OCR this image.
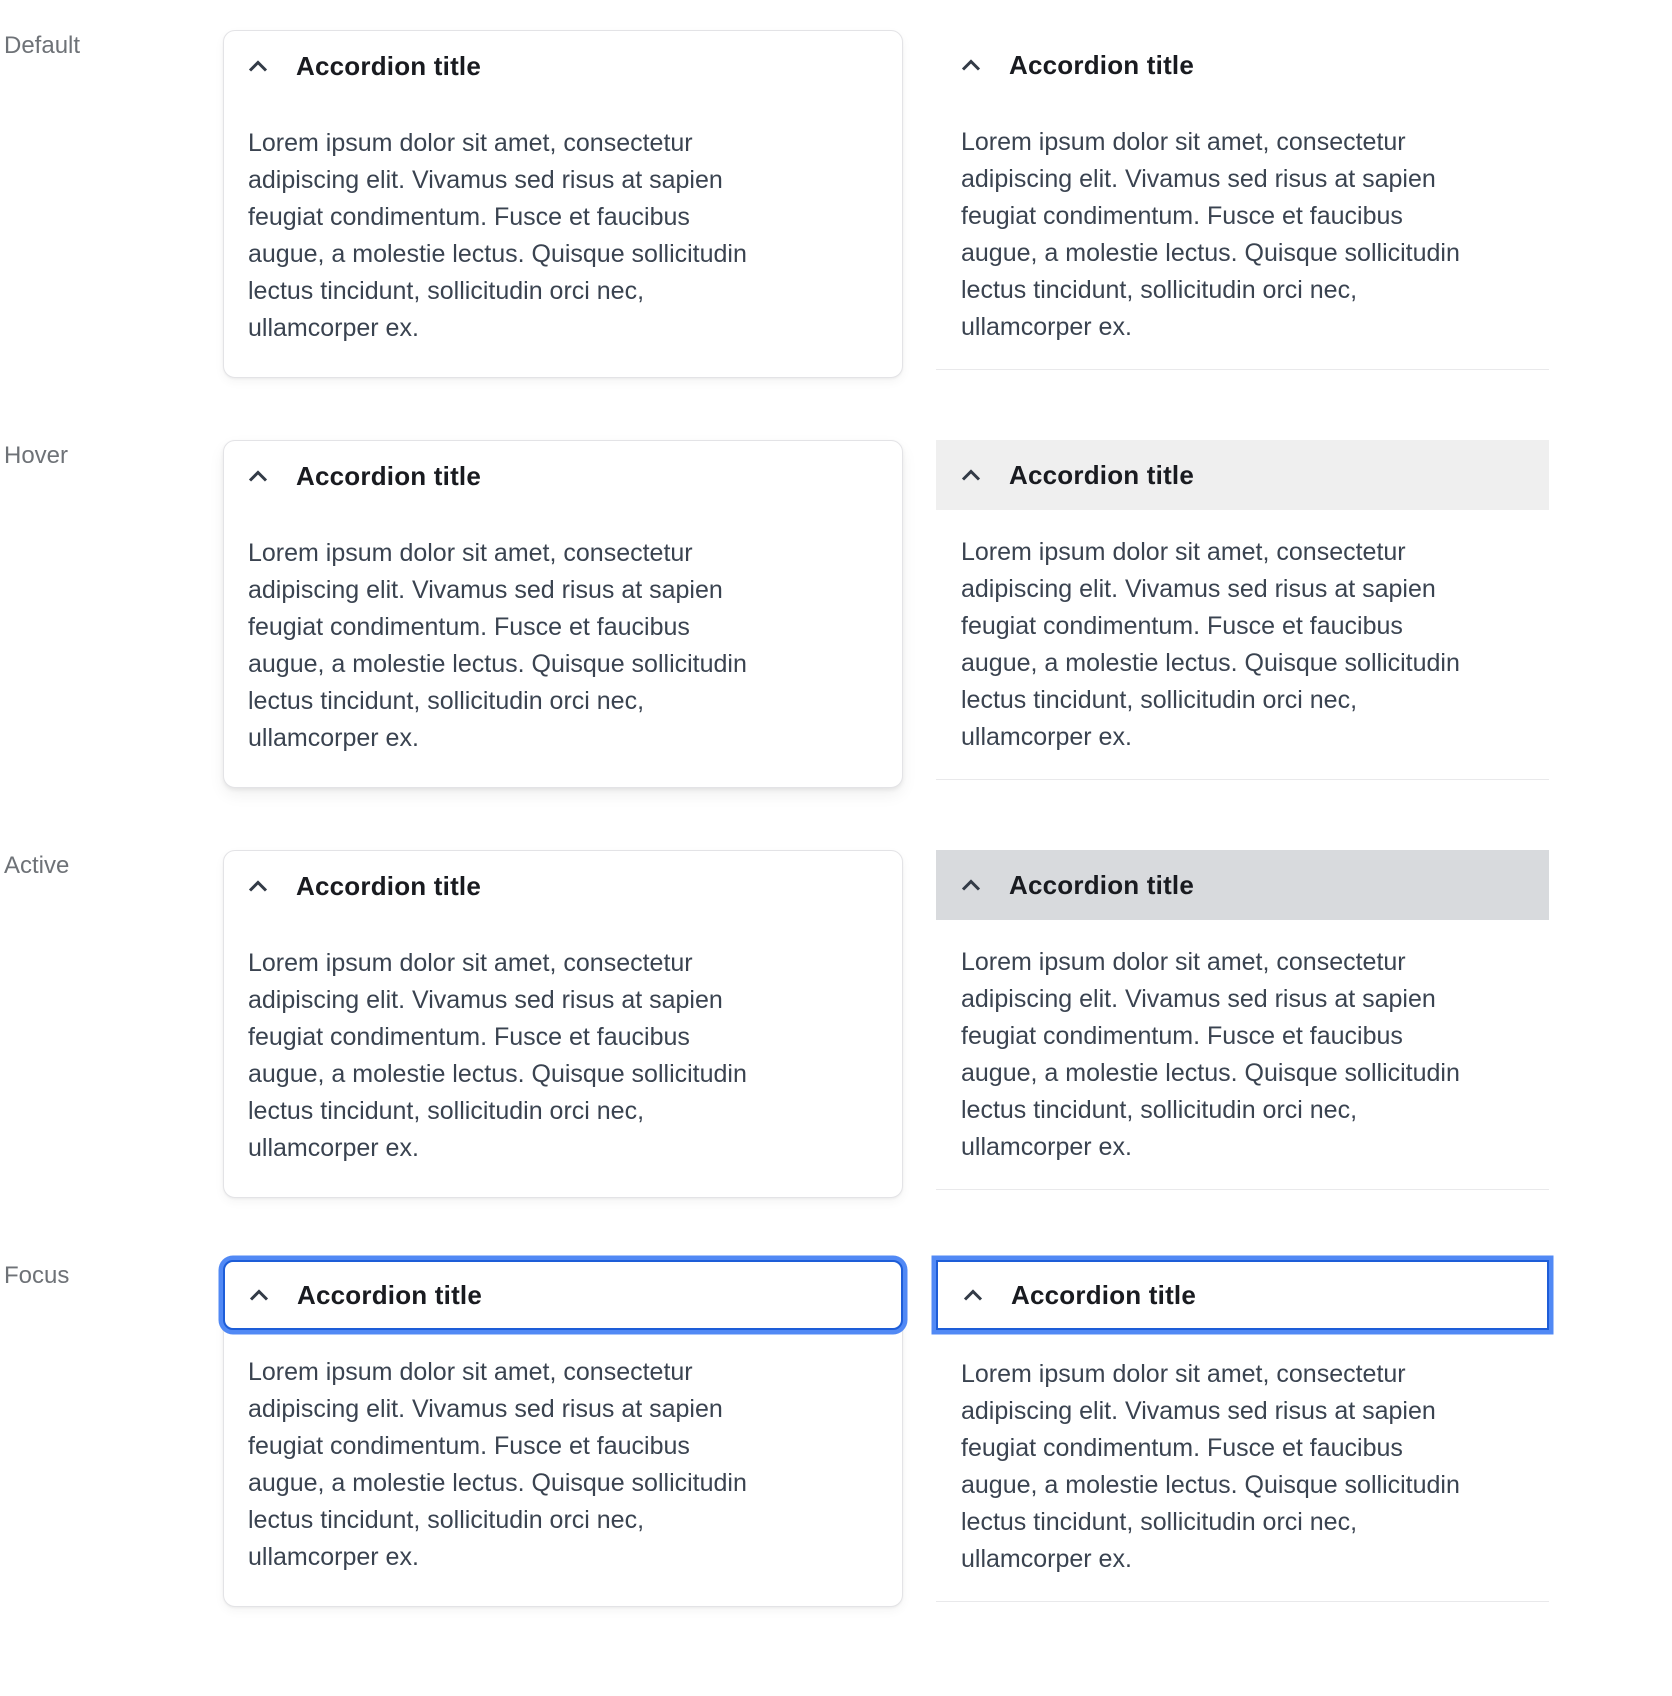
Default
Accordion title

Lorem ipsum dolor sit amet, consectetur adipiscing elit. Vivamus sed risus at sapien feugiat condimentum. Fusce et faucibus augue, a molestie lectus. Quisque sollicitudin lectus tincidunt, sollicitudin orci nec, ullamcorper ex.

Accordion title

Lorem ipsum dolor sit amet, consectetur adipiscing elit. Vivamus sed risus at sapien feugiat condimentum. Fusce et faucibus augue, a molestie lectus. Quisque sollicitudin lectus tincidunt, sollicitudin orci nec, ullamcorper ex.

Hover
Accordion title

Lorem ipsum dolor sit amet, consectetur adipiscing elit. Vivamus sed risus at sapien feugiat condimentum. Fusce et faucibus augue, a molestie lectus. Quisque sollicitudin lectus tincidunt, sollicitudin orci nec, ullamcorper ex.

Accordion title

Lorem ipsum dolor sit amet, consectetur adipiscing elit. Vivamus sed risus at sapien feugiat condimentum. Fusce et faucibus augue, a molestie lectus. Quisque sollicitudin lectus tincidunt, sollicitudin orci nec, ullamcorper ex.

Active
Accordion title

Lorem ipsum dolor sit amet, consectetur adipiscing elit. Vivamus sed risus at sapien feugiat condimentum. Fusce et faucibus augue, a molestie lectus. Quisque sollicitudin lectus tincidunt, sollicitudin orci nec, ullamcorper ex.

Accordion title

Lorem ipsum dolor sit amet, consectetur adipiscing elit. Vivamus sed risus at sapien feugiat condimentum. Fusce et faucibus augue, a molestie lectus. Quisque sollicitudin lectus tincidunt, sollicitudin orci nec, ullamcorper ex.

Focus
Accordion title

Lorem ipsum dolor sit amet, consectetur adipiscing elit. Vivamus sed risus at sapien feugiat condimentum. Fusce et faucibus augue, a molestie lectus. Quisque sollicitudin lectus tincidunt, sollicitudin orci nec, ullamcorper ex.

Accordion title

Lorem ipsum dolor sit amet, consectetur adipiscing elit. Vivamus sed risus at sapien feugiat condimentum. Fusce et faucibus augue, a molestie lectus. Quisque sollicitudin lectus tincidunt, sollicitudin orci nec, ullamcorper ex.
